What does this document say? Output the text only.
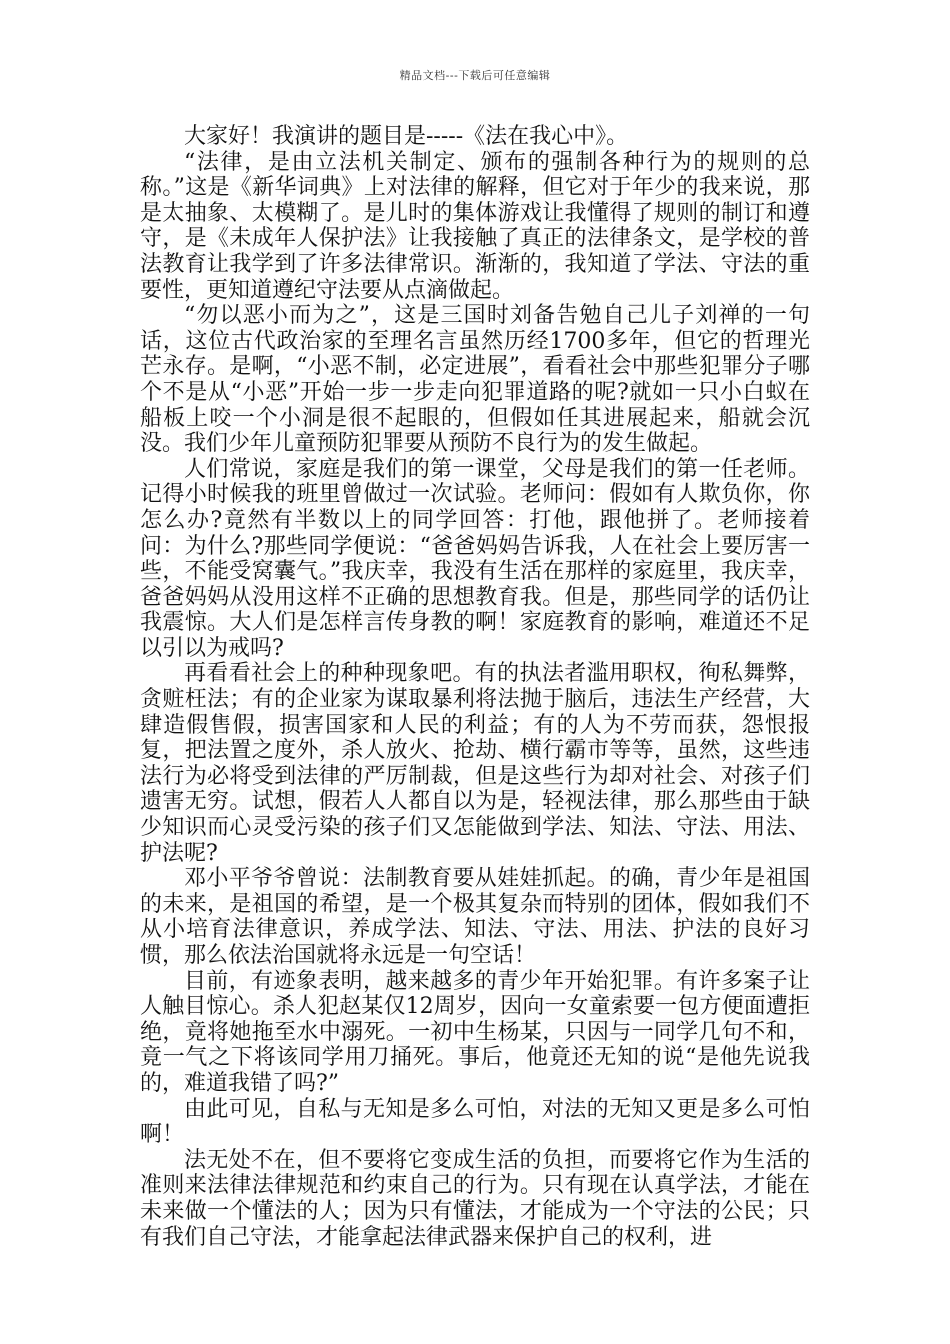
精品文档---下载后可任意编辑

大家好！我演讲的题目是-----《法在我心中》。

“法律，是由立法机关制定、颁布的强制各种行为的规则的总称。”这是《新华词典》上对法律的解释，但它对于年少的我来说，那是太抽象、太模糊了。是儿时的集体游戏让我懂得了规则的制订和遵守，是《未成年人保护法》让我接触了真正的法律条文，是学校的普法教育让我学到了许多法律常识。渐渐的，我知道了学法、守法的重要性，更知道遵纪守法要从点滴做起。

“勿以恶小而为之”，这是三国时刘备告勉自己儿子刘禅的一句话，这位古代政治家的至理名言虽然历经1700多年，但它的哲理光芒永存。是啊，“小恶不制，必定进展”，看看社会中那些犯罪分子哪个不是从“小恶”开始一步一步走向犯罪道路的呢?就如一只小白蚁在船板上咬一个小洞是很不起眼的，但假如任其进展起来，船就会沉没。我们少年儿童预防犯罪要从预防不良行为的发生做起。

人们常说，家庭是我们的第一课堂，父母是我们的第一任老师。记得小时候我的班里曾做过一次试验。老师问：假如有人欺负你，你怎么办?竟然有半数以上的同学回答：打他，跟他拼了。老师接着问：为什么?那些同学便说：“爸爸妈妈告诉我，人在社会上要厉害一些，不能受窝囊气。”我庆幸，我没有生活在那样的家庭里，我庆幸，爸爸妈妈从没用这样不正确的思想教育我。但是，那些同学的话仍让我震惊。大人们是怎样言传身教的啊！家庭教育的影响，难道还不足以引以为戒吗?

再看看社会上的种种现象吧。有的执法者滥用职权，徇私舞弊，贪赃枉法；有的企业家为谋取暴利将法抛于脑后，违法生产经营，大肆造假售假，损害国家和人民的利益；有的人为不劳而获，怨恨报复，把法置之度外，杀人放火、抢劫、横行霸市等等，虽然，这些违法行为必将受到法律的严厉制裁，但是这些行为却对社会、对孩子们遗害无穷。试想，假若人人都自以为是，轻视法律，那么那些由于缺少知识而心灵受污染的孩子们又怎能做到学法、知法、守法、用法、护法呢?

邓小平爷爷曾说：法制教育要从娃娃抓起。的确，青少年是祖国的未来，是祖国的希望，是一个极其复杂而特别的团体，假如我们不从小培育法律意识，养成学法、知法、守法、用法、护法的良好习惯，那么依法治国就将永远是一句空话！

目前，有迹象表明，越来越多的青少年开始犯罪。有许多案子让人触目惊心。杀人犯赵某仅12周岁，因向一女童索要一包方便面遭拒绝，竟将她拖至水中溺死。一初中生杨某，只因与一同学几句不和，竟一气之下将该同学用刀捅死。事后，他竟还无知的说“是他先说我的，难道我错了吗?”

由此可见，自私与无知是多么可怕，对法的无知又更是多么可怕啊！

法无处不在，但不要将它变成生活的负担，而要将它作为生活的准则来法律法律规范和约束自己的行为。只有现在认真学法，才能在未来做一个懂法的人；因为只有懂法，才能成为一个守法的公民；只有我们自己守法，才能拿起法律武器来保护自己的权利，进
